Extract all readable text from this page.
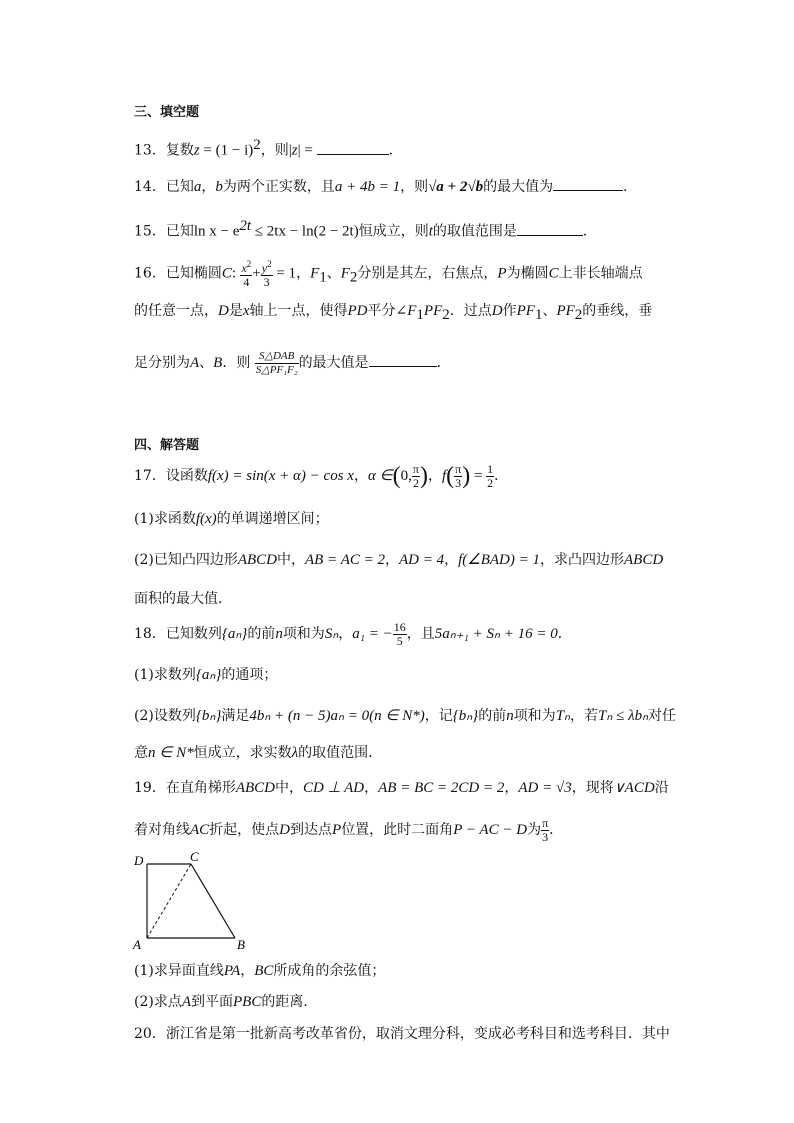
三、填空题
13．复数$z = (1 - i)^2$，则|z| =	．
14．已知a，b为两个正实数，且a + 4b = 1，则√a + 2√b的最大值为	．
15．已知$\ln x - e^{2t} \le 2tx - \ln(2 - 2t)$恒成立，则t的取值范围是	．
16．已知椭圆C: $\frac{x^2}{4} + \frac{y^2}{3} = 1$，$F_1$、$F_2$分别是其左，右焦点，P为椭圆C上非长轴端点
的任意一点，D是x轴上一点，使得PD平分$\angle F_1PF_2$．过点D作$PF_1$、$PF_2$的垂线，垂
足分别为A、B．则 $\frac{\text{S△DAB}}{\text{S△PF₁F₂}}$ 的最大值是	．
四、解答题
17．设函数f(x) = sin(x + α) − cos x，α ∈(0, $\frac{\pi}{2}$ )，$f( \frac{\pi}{3}$ ) = $\frac{1}{2}$ ．
(1)求函数f(x)的单调递增区间；
(2)已知凸四边形ABCD中，AB = AC = 2，AD = 4，f(∠BAD) = 1，求凸四边形ABCD
面积的最大值．
18．已知数列{aₙ}的前n项和为Sₙ，a₁ = − $\frac{16}{5}$ ，且5aₙ₊₁ + Sₙ + 16 = 0．
(1)求数列{aₙ}的通项；
(2)设数列{bₙ}满足4bₙ + (n − 5)aₙ = 0(n ∈ N*)，记{bₙ}的前n项和为Tₙ，若Tₙ ≤ λbₙ对任
意n ∈ N*恒成立，求实数λ的取值范围．
19．在直角梯形ABCD中，CD ⊥ AD，AB = BC = 2CD = 2，AD = √3，现将∨ACD沿
着对角线AC折起，使点D到达点P位置，此时二面角P − AC − D为 $\frac{\pi}{3}$ ．
D	C
A	B
(1)求异面直线PA，BC所成角的余弦值；
(2)求点A到平面PBC的距离．
20．浙江省是第一批新高考改革省份，取消文理分科，变成必考科目和选考科目．其中
